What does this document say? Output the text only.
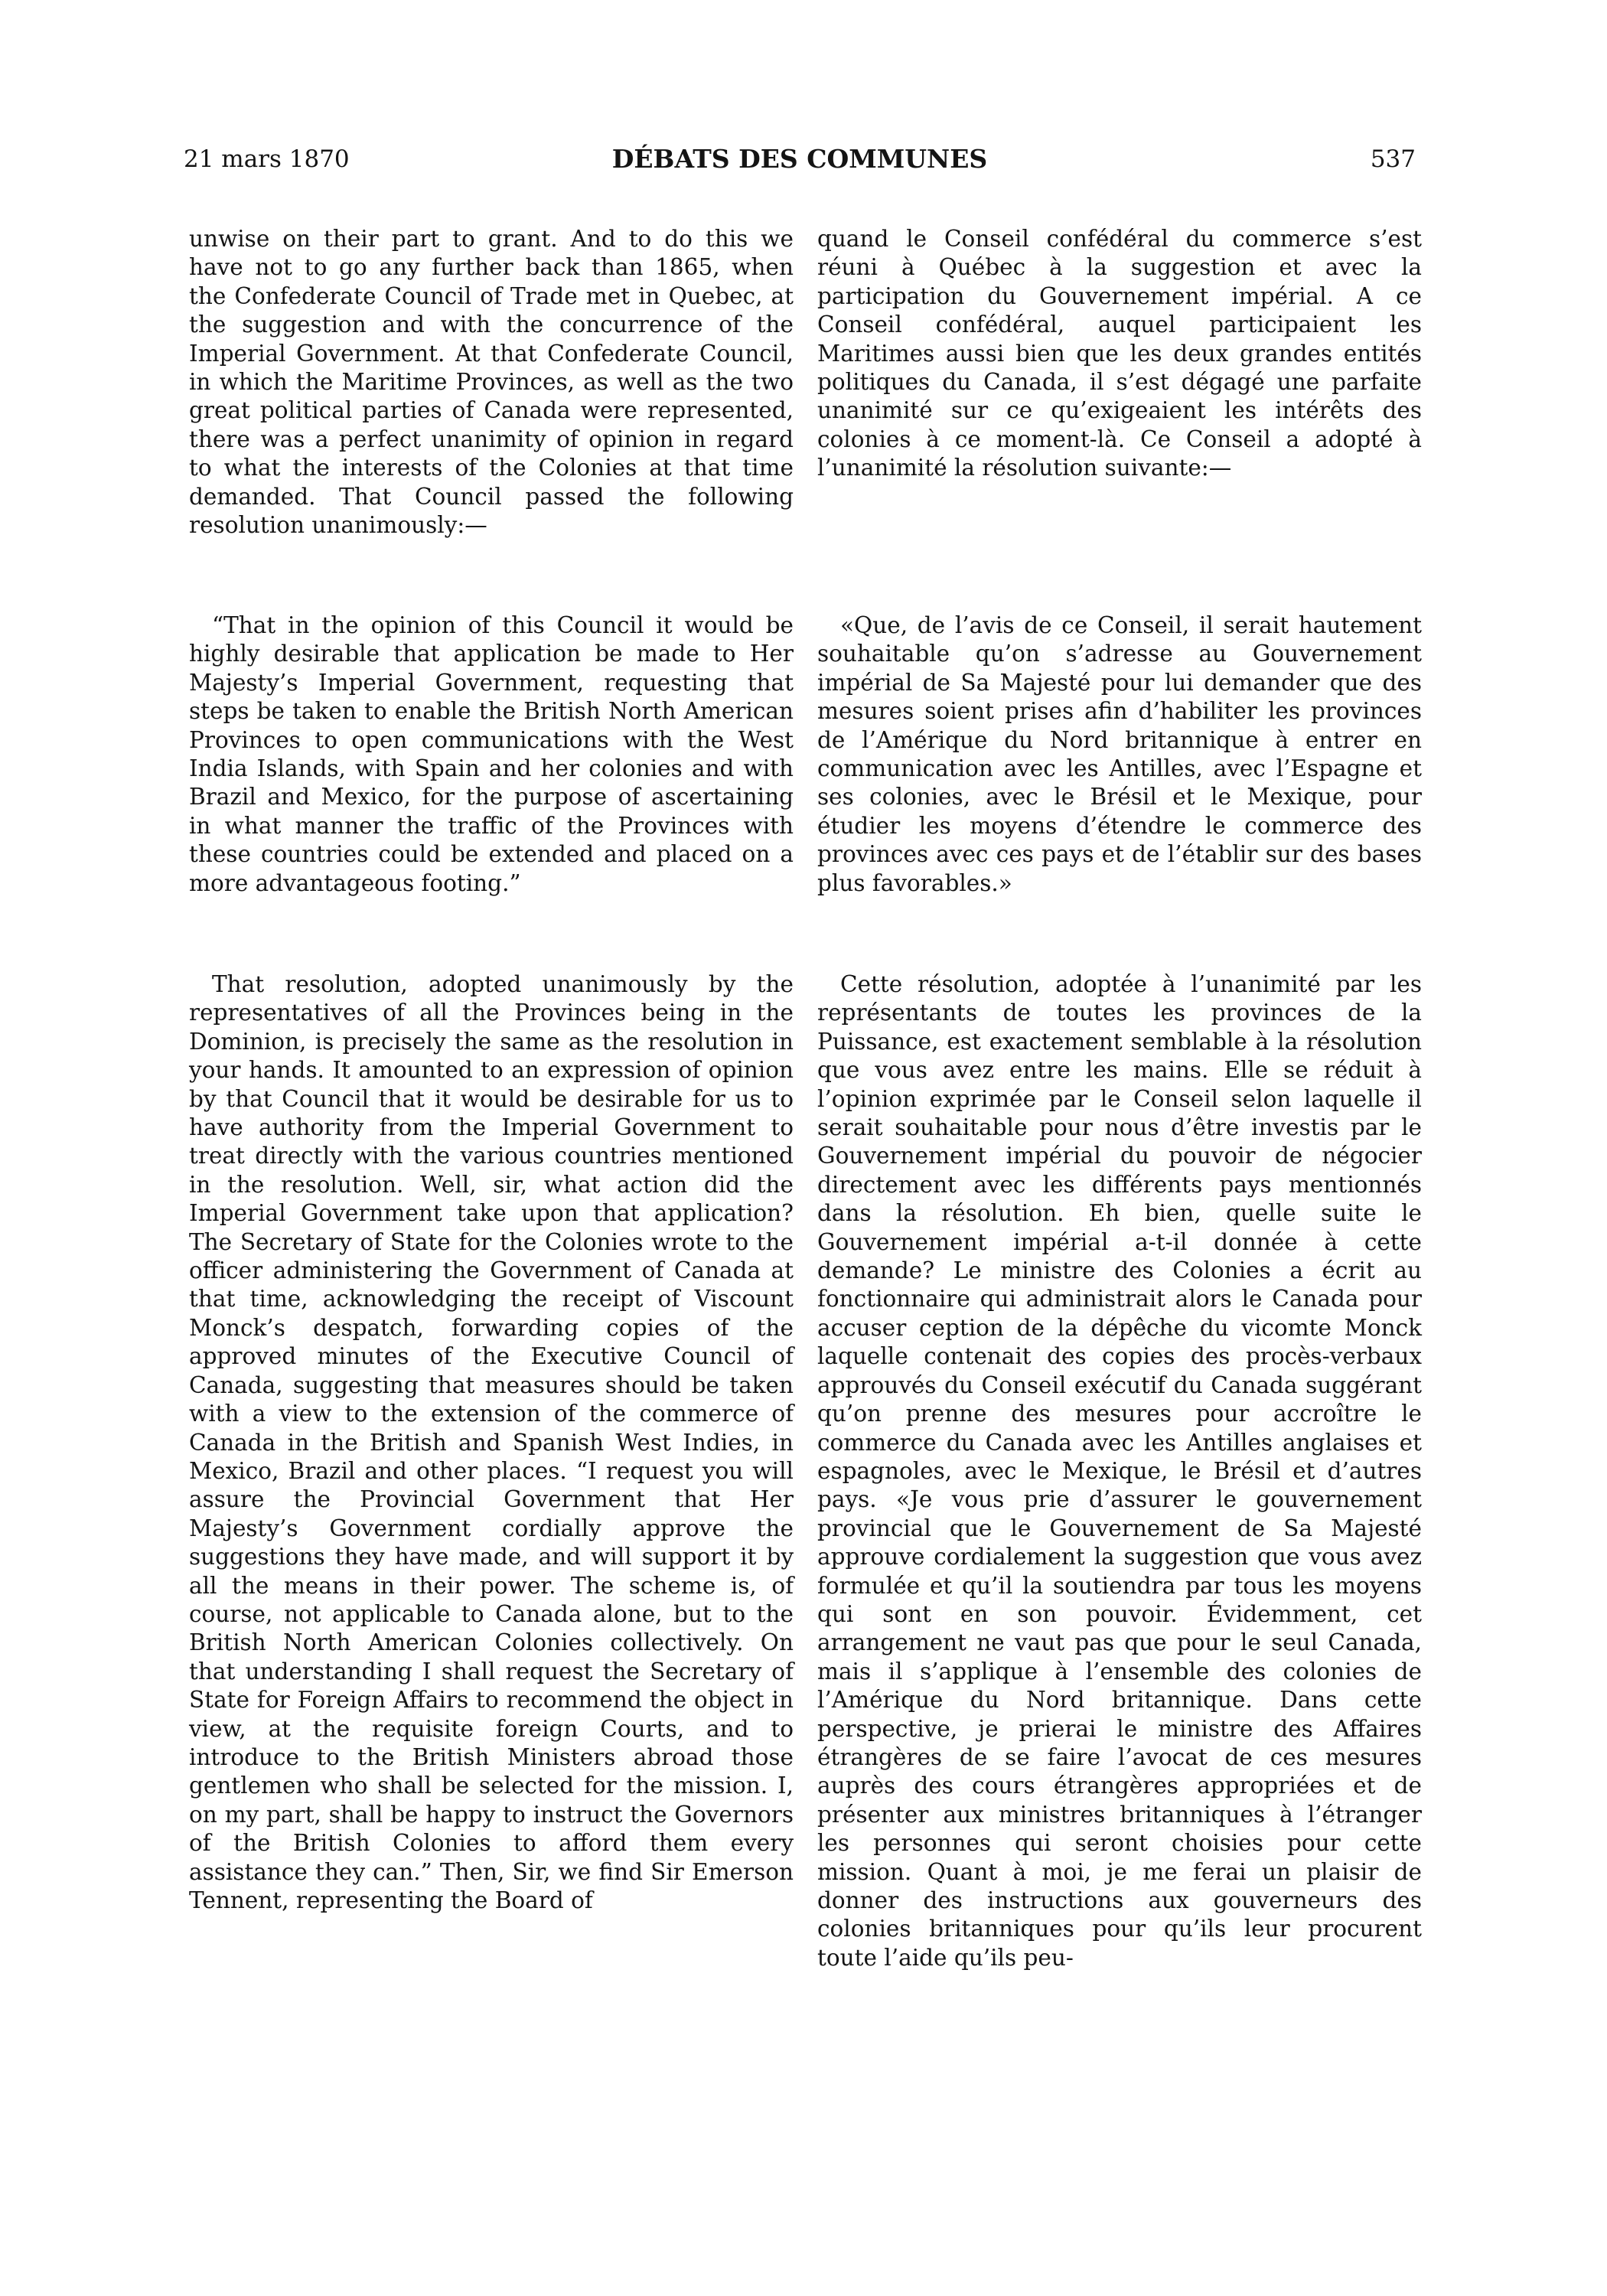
21 mars 1870	DÉBATS DES COMMUNES	537

unwise on their part to grant. And to do this we have not to go any further back than 1865, when the Confederate Council of Trade met in Quebec, at the suggestion and with the concurrence of the Imperial Government. At that Confederate Council, in which the Maritime Provinces, as well as the two great political parties of Canada were represented, there was a perfect unanimity of opinion in regard to what the interests of the Colonies at that time demanded. That Council passed the following resolution unanimously:—

“That in the opinion of this Council it would be highly desirable that application be made to Her Majesty’s Imperial Government, requesting that steps be taken to enable the British North American Provinces to open communications with the West India Islands, with Spain and her colonies and with Brazil and Mexico, for the purpose of ascertaining in what manner the traffic of the Provinces with these countries could be extended and placed on a more advantageous footing.”

That resolution, adopted unanimously by the representatives of all the Provinces being in the Dominion, is precisely the same as the resolution in your hands. It amounted to an expression of opinion by that Council that it would be desirable for us to have authority from the Imperial Government to treat directly with the various countries mentioned in the resolution. Well, sir, what action did the Imperial Government take upon that application? The Secretary of State for the Colonies wrote to the officer administering the Government of Canada at that time, acknowledging the receipt of Viscount Monck’s despatch, forwarding copies of the approved minutes of the Executive Council of Canada, suggesting that measures should be taken with a view to the extension of the commerce of Canada in the British and Spanish West Indies, in Mexico, Brazil and other places. “I request you will assure the Provincial Government that Her Majesty’s Government cordially approve the suggestions they have made, and will support it by all the means in their power. The scheme is, of course, not applicable to Canada alone, but to the British North American Colonies collectively. On that understanding I shall request the Secretary of State for Foreign Affairs to recommend the object in view, at the requisite foreign Courts, and to introduce to the British Ministers abroad those gentlemen who shall be selected for the mission. I, on my part, shall be happy to instruct the Governors of the British Colonies to afford them every assistance they can.” Then, Sir, we find Sir Emerson Tennent, representing the Board of

quand le Conseil confédéral du commerce s’est réuni à Québec à la suggestion et avec la participation du Gouvernement impérial. A ce Conseil confédéral, auquel participaient les Maritimes aussi bien que les deux grandes entités politiques du Canada, il s’est dégagé une parfaite unanimité sur ce qu’exigeaient les intérêts des colonies à ce moment-là. Ce Conseil a adopté à l’unanimité la résolution suivante:—

«Que, de l’avis de ce Conseil, il serait hautement souhaitable qu’on s’adresse au Gouvernement impérial de Sa Majesté pour lui demander que des mesures soient prises afin d’habiliter les provinces de l’Amérique du Nord britannique à entrer en communication avec les Antilles, avec l’Espagne et ses colonies, avec le Brésil et le Mexique, pour étudier les moyens d’étendre le commerce des provinces avec ces pays et de l’établir sur des bases plus favorables.»

Cette résolution, adoptée à l’unanimité par les représentants de toutes les provinces de la Puissance, est exactement semblable à la résolution que vous avez entre les mains. Elle se réduit à l’opinion exprimée par le Conseil selon laquelle il serait souhaitable pour nous d’être investis par le Gouvernement impérial du pouvoir de négocier directement avec les différents pays mentionnés dans la résolution. Eh bien, quelle suite le Gouvernement impérial a-t-il donnée à cette demande? Le ministre des Colonies a écrit au fonctionnaire qui administrait alors le Canada pour accuser ception de la dépêche du vicomte Monck laquelle contenait des copies des procès-verbaux approuvés du Conseil exécutif du Canada suggérant qu’on prenne des mesures pour accroître le commerce du Canada avec les Antilles anglaises et espagnoles, avec le Mexique, le Brésil et d’autres pays. «Je vous prie d’assurer le gouvernement provincial que le Gouvernement de Sa Majesté approuve cordialement la suggestion que vous avez formulée et qu’il la soutiendra par tous les moyens qui sont en son pouvoir. Évidemment, cet arrangement ne vaut pas que pour le seul Canada, mais il s’applique à l’ensemble des colonies de l’Amérique du Nord britannique. Dans cette perspective, je prierai le ministre des Affaires étrangères de se faire l’avocat de ces mesures auprès des cours étrangères appropriées et de présenter aux ministres britanniques à l’étranger les personnes qui seront choisies pour cette mission. Quant à moi, je me ferai un plaisir de donner des instructions aux gouverneurs des colonies britanniques pour qu’ils leur procurent toute l’aide qu’ils peu-
